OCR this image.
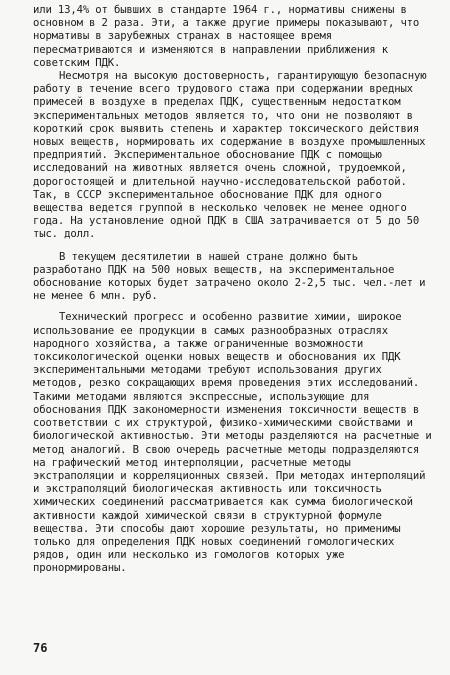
или 13,4% от бывших в стандарте 1964 г., нормативы снижены в основном в 2 раза. Эти, а также другие примеры показывают, что нормативы в зарубежных странах в настоящее время пересматриваются и изменяются в направлении приближения к советским ПДК.

Несмотря на высокую достоверность, гарантирующую безопасную работу в течение всего трудового стажа при содержании вредных примесей в воздухе в пределах ПДК, существенным недостатком экспериментальных методов является то, что они не позволяют в короткий срок выявить степень и характер токсического действия новых веществ, нормировать их содержание в воздухе промышленных предприятий. Экспериментальное обоснование ПДК с помощью исследований на животных является очень сложной, трудоемкой, дорогостоящей и длительной научно-исследовательской работой. Так, в СССР экспериментальное обоснование ПДК для одного вещества ведется группой в несколько человек не менее одного года. На установление одной ПДК в США затрачивается от 5 до 50 тыс. долл.

В текущем десятилетии в нашей стране должно быть разработано ПДК на 500 новых веществ, на экспериментальное обоснование которых будет затрачено около 2-2,5 тыс. чел.-лет и не менее 6 млн. руб.

Технический прогресс и особенно развитие химии, широкое использование ее продукции в самых разнообразных отраслях народного хозяйства, а также ограниченные возможности токсикологической оценки новых веществ и обоснования их ПДК экспериментальными методами требуют использования других методов, резко сокращающих время проведения этих исследований. Такими методами являются экспрессные, использующие для обоснования ПДК закономерности изменения токсичности веществ в соответствии с их структурой, физико-химическими свойствами и биологической активностью. Эти методы разделяются на расчетные и метод аналогий. В свою очередь расчетные методы подразделяются на графический метод интерполяции, расчетные методы экстраполяции и корреляционных связей. При методах интерполяций и экстраполяций биологическая активность или токсичность химических соединений рассматривается как сумма биологической активности каждой химической связи в структурной формуле вещества. Эти способы дают хорошие результаты, но применимы только для определения ПДК новых соединений гомологических рядов, один или несколько из гомологов которых уже пронормированы.

76
